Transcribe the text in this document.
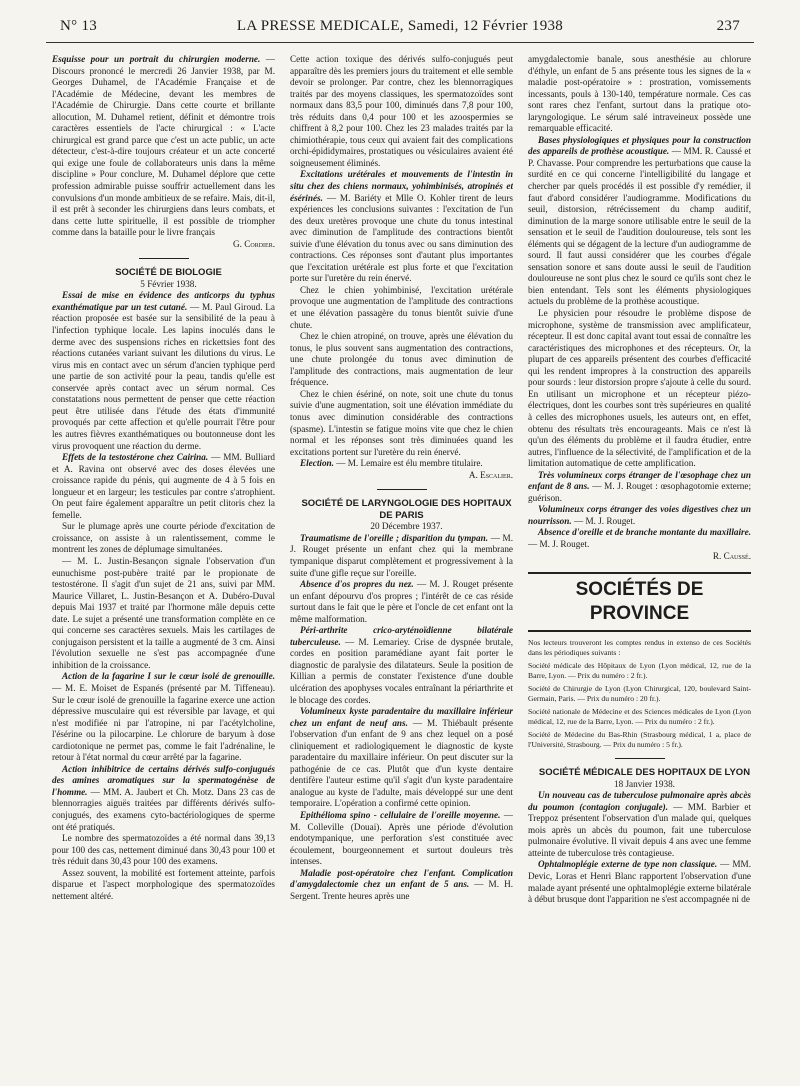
N° 13	LA PRESSE MEDICALE, Samedi, 12 Février 1938	237

Esquisse pour un portrait du chirurgien moderne. — Discours prononcé le mercredi 26 Janvier 1938, par M. Georges Duhamel, de l'Académie Française et de l'Académie de Médecine, devant les membres de l'Académie de Chirurgie. Dans cette courte et brillante allocution, M. Duhamel retient, définit et démontre trois caractères essentiels de l'acte chirurgical : « L'acte chirurgical est grand parce que c'est un acte public, un acte détecteur, c'est-à-dire toujours créateur et un acte concerté qui exige une foule de collaborateurs unis dans la même discipline » Pour conclure, M. Duhamel déplore que cette profession admirable puisse souffrir actuellement dans les convulsions d'un monde ambitieux de se refaire. Mais, dit-il, il est prêt à seconder les chirurgiens dans leurs combats, et dans cette lutte spirituelle, il est possible de triompher comme dans la bataille pour le livre français

G. Cordier.

SOCIÉTÉ DE BIOLOGIE

5 Février 1938.

Essai de mise en évidence des anticorps du typhus exanthématique par un test cutané. — M. Paul Giroud. La réaction proposée est basée sur la sensibilité de la peau à l'infection typhique locale. Les lapins inoculés dans le derme avec des suspensions riches en rickettsies font des réactions cutanées variant suivant les dilutions du virus. Le virus mis en contact avec un sérum d'ancien typhique perd une partie de son activité pour la peau, tandis qu'elle est conservée après contact avec un sérum normal. Ces constatations nous permettent de penser que cette réaction peut être utilisée dans l'étude des états d'immunité provoqués par cette affection et qu'elle pourrait l'être pour les autres fièvres exanthématiques ou boutonneuse dont les virus provoquent une réaction du derme.

Effets de la testostérone chez Cairina. — MM. Bulliard et A. Ravina ont observé avec des doses élevées une croissance rapide du pénis, qui augmente de 4 à 5 fois en longueur et en largeur; les testicules par contre s'atrophient. On peut faire également apparaître un petit clitoris chez la femelle.

Sur le plumage après une courte période d'excitation de croissance, on assiste à un ralentissement, comme le montrent les zones de déplumage simultanées.

— M. L. Justin-Besançon signale l'observation d'un eunuchisme post-pubère traité par le propionate de testostérone. Il s'agit d'un sujet de 21 ans, suivi par MM. Maurice Villaret, L. Justin-Besançon et A. Dubéro-Duval depuis Mai 1937 et traité par l'hormone mâle depuis cette date. Le sujet a présenté une transformation complète en ce qui concerne ses caractères sexuels. Mais les cartilages de conjugaison persistent et la taille a augmenté de 3 cm. Ainsi l'évolution sexuelle ne s'est pas accompagnée d'une inhibition de la croissance.

Action de la fagarine I sur le cœur isolé de grenouille. — M. E. Moiset de Espanés (présenté par M. Tiffeneau). Sur le cœur isolé de grenouille la fagarine exerce une action dépressive musculaire qui est réversible par lavage, et qui n'est modifiée ni par l'atropine, ni par l'acétylcholine, l'ésérine ou la pilocarpine. Le chlorure de baryum à dose cardiotonique ne permet pas, comme le fait l'adrénaline, le retour à l'état normal du cœur arrêté par la fagarine.

Action inhibitrice de certains dérivés sulfo-conjugués des amines aromatiques sur la spermatogénèse de l'homme. — MM. A. Jaubert et Ch. Motz. Dans 23 cas de blennorragies aiguës traitées par différents dérivés sulfo-conjugués, des examens cyto-bactériologiques de sperme ont été pratiqués.

Le nombre des spermatozoïdes a été normal dans 39,13 pour 100 des cas, nettement diminué dans 30,43 pour 100 et très réduit dans 30,43 pour 100 des examens.

Assez souvent, la mobilité est fortement atteinte, parfois disparue et l'aspect morphologique des spermatozoïdes nettement altéré.

Cette action toxique des dérivés sulfo-conjugués peut apparaître dès les premiers jours du traitement et elle semble devoir se prolonger. Par contre, chez les blennorragiques traités par des moyens classiques, les spermatozoïdes sont normaux dans 83,5 pour 100, diminués dans 7,8 pour 100, très réduits dans 0,4 pour 100 et les azoospermies se chiffrent à 8,2 pour 100. Chez les 23 malades traités par la chimiothérapie, tous ceux qui avaient fait des complications orchi-épididymaires, prostatiques ou vésiculaires avaient été soigneusement éliminés.

Excitations urétérales et mouvements de l'intestin in situ chez des chiens normaux, yohimbinisés, atropinés et ésérinés. — M. Bariéty et Mlle O. Kohler tirent de leurs expériences les conclusions suivantes : l'excitation de l'un des deux uretères provoque une chute du tonus intestinal avec diminution de l'amplitude des contractions bientôt suivie d'une élévation du tonus avec ou sans diminution des contractions. Ces réponses sont d'autant plus importantes que l'excitation urétérale est plus forte et que l'excitation porte sur l'uretère du rein énervé.

Chez le chien yohimbinisé, l'excitation urétérale provoque une augmentation de l'amplitude des contractions et une élévation passagère du tonus bientôt suivie d'une chute.

Chez le chien atropiné, on trouve, après une élévation du tonus, le plus souvent sans augmentation des contractions, une chute prolongée du tonus avec diminution de l'amplitude des contractions, mais augmentation de leur fréquence.

Chez le chien ésériné, on note, soit une chute du tonus suivie d'une augmentation, soit une élévation immédiate du tonus avec diminution considérable des contractions (spasme). L'intestin se fatigue moins vite que chez le chien normal et les réponses sont très diminuées quand les excitations portent sur l'uretère du rein énervé.

Election. — M. Lemaire est élu membre titulaire.

A. Escalier.

SOCIÉTÉ DE LARYNGOLOGIE DES HOPITAUX DE PARIS

20 Décembre 1937.

Traumatisme de l'oreille ; disparition du tympan. — M. J. Rouget présente un enfant chez qui la membrane tympanique disparut complètement et progressivement à la suite d'une gifle reçue sur l'oreille.

Absence d'os propres du nez. — M. J. Rouget présente un enfant dépourvu d'os propres ; l'intérêt de ce cas réside surtout dans le fait que le père et l'oncle de cet enfant ont la même malformation.

Péri-arthrite crico-aryténoïdienne bilatérale tuberculeuse. — M. Lemariey. Crise de dyspnée brutale, cordes en position paramédiane ayant fait porter le diagnostic de paralysie des dilatateurs. Seule la position de Killian a permis de constater l'existence d'une double ulcération des apophyses vocales entraînant la périarthrite et le blocage des cordes.

Volumineux kyste paradentaire du maxillaire inférieur chez un enfant de neuf ans. — M. Thiébault présente l'observation d'un enfant de 9 ans chez lequel on a posé cliniquement et radiologiquement le diagnostic de kyste paradentaire du maxillaire inférieur. On peut discuter sur la pathogénie de ce cas. Plutôt que d'un kyste dentaire dentifère l'auteur estime qu'il s'agit d'un kyste paradentaire analogue au kyste de l'adulte, mais développé sur une dent temporaire. L'opération a confirmé cette opinion.

Epithélioma spino - cellulaire de l'oreille moyenne. — M. Colleville (Douai). Après une période d'évolution endotympanique, une perforation s'est constituée avec écoulement, bourgeonnement et surtout douleurs très intenses.

Maladie post-opératoire chez l'enfant. Complication d'amygdalectomie chez un enfant de 5 ans. — M. H. Sergent. Trente heures après une

amygdalectomie banale, sous anesthésie au chlorure d'éthyle, un enfant de 5 ans présente tous les signes de la « maladie post-opératoire » : prostration, vomissements incessants, pouls à 130-140, température normale. Ces cas sont rares chez l'enfant, surtout dans la pratique oto-laryngologique. Le sérum salé intraveineux possède une remarquable efficacité.

Bases physiologiques et physiques pour la construction des appareils de prothèse acoustique. — MM. R. Caussé et P. Chavasse. Pour comprendre les perturbations que cause la surdité en ce qui concerne l'intelligibilité du langage et chercher par quels procédés il est possible d'y remédier, il faut d'abord considérer l'audiogramme. Modifications du seuil, distorsion, rétrécissement du champ auditif, diminution de la marge sonore utilisable entre le seuil de la sensation et le seuil de l'audition douloureuse, tels sont les éléments qui se dégagent de la lecture d'un audiogramme de sourd. Il faut aussi considérer que les courbes d'égale sensation sonore et sans doute aussi le seuil de l'audition douloureuse ne sont plus chez le sourd ce qu'ils sont chez le bien entendant. Tels sont les éléments physiologiques actuels du problème de la prothèse acoustique.

Le physicien pour résoudre le problème dispose de microphone, système de transmission avec amplificateur, récepteur. Il est donc capital avant tout essai de connaître les caractéristiques des microphones et des récepteurs. Or, la plupart de ces appareils présentent des courbes d'efficacité qui les rendent impropres à la construction des appareils pour sourds : leur distorsion propre s'ajoute à celle du sourd. En utilisant un microphone et un récepteur piézo-électriques, dont les courbes sont très supérieures en qualité à celles des microphones usuels, les auteurs ont, en effet, obtenu des résultats très encourageants. Mais ce n'est là qu'un des éléments du problème et il faudra étudier, entre autres, l'influence de la sélectivité, de l'amplification et de la limitation automatique de cette amplification.

Très volumineux corps étranger de l'œsophage chez un enfant de 8 ans. — M. J. Rouget : œsophagotomie externe; guérison.

Volumineux corps étranger des voies digestives chez un nourrisson. — M. J. Rouget.

Absence d'oreille et de branche montante du maxillaire. — M. J. Rouget.

R. Caussé.

SOCIÉTÉS DE PROVINCE

Nos lecteurs trouveront les comptes rendus in extenso de ces Sociétés dans les périodiques suivants :

Société médicale des Hôpitaux de Lyon (Lyon médical, 12, rue de la Barre, Lyon. — Prix du numéro : 2 fr.).

Société de Chirurgie de Lyon (Lyon Chirurgical, 120, boulevard Saint-Germain, Paris. — Prix du numéro : 20 fr.).

Société nationale de Médecine et des Sciences médicales de Lyon (Lyon médical, 12, rue de la Barre, Lyon. — Prix du numéro : 2 fr.).

Société de Médecine du Bas-Rhin (Strasbourg médical, 1 a, place de l'Université, Strasbourg. — Prix du numéro : 5 fr.).

SOCIÉTÉ MÉDICALE DES HOPITAUX DE LYON

18 Janvier 1938.

Un nouveau cas de tuberculose pulmonaire après abcès du poumon (contagion conjugale). — MM. Barbier et Treppoz présentent l'observation d'un malade qui, quelques mois après un abcès du poumon, fait une tuberculose pulmonaire évolutive. Il vivait depuis 4 ans avec une femme atteinte de tuberculose très contagieuse.

Ophtalmoplégie externe de type non classique. — MM. Devic, Loras et Henri Blanc rapportent l'observation d'une malade ayant présenté une ophtalmoplégie externe bilatérale à début brusque dont l'apparition ne s'est accompagnée ni de
